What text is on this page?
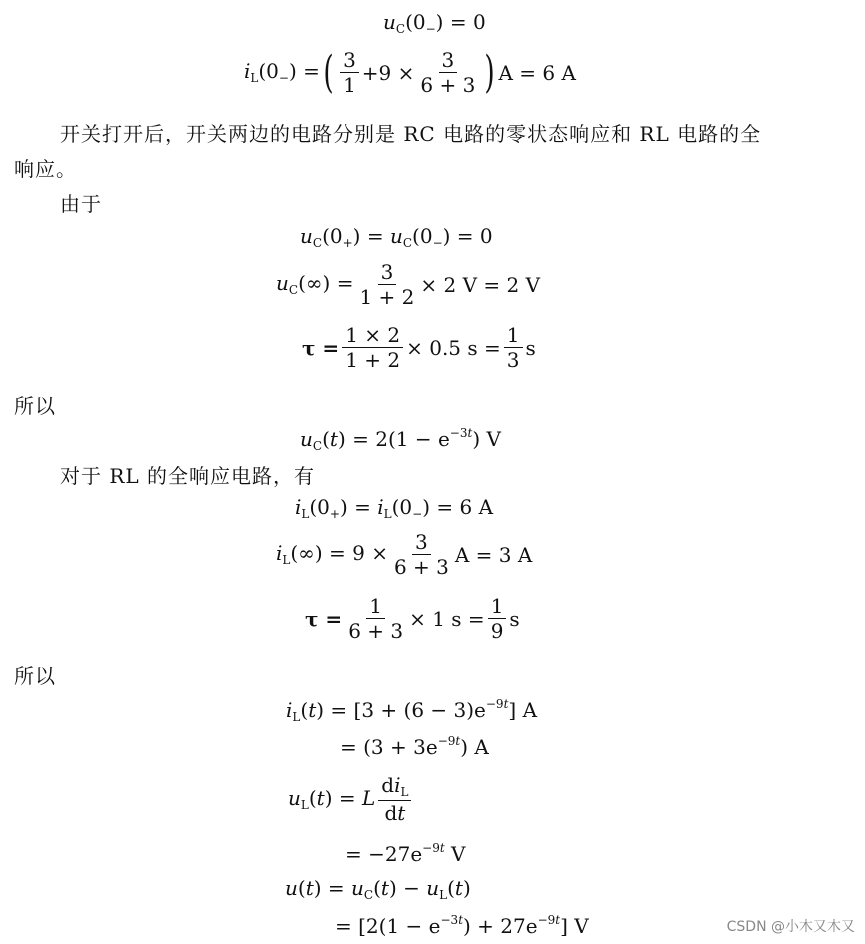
$u_C(0_-) = 0$
$i_L(0_-)$ = ( $\frac{3}{1} +9 \times \frac{3}{6 + 3}$ ) A = 6 A
开关打开后，开关两边的电路分别是 RC 电路的零状态响应和 RL 电路的全
响应。
由于
$u_C(0_+) = u_C(0_-) = 0$
$u_C(\infty) = \frac{3}{1 + 2} \times 2$ V = 2 V
$\tau = \frac{1 \times 2}{1 + 2} \times 0.5$ $s = \frac{1}{3}$ s
所以
$u_C(t) = 2(1 - e^{-3t})$ V
对于 RL 的全响应电路，有
$i_L(0_+) = i_L(0_-) = 6$ A
$i_L(\infty) = 9 \times \frac{3}{6 + 3}$ A = 3 A
$\tau = \frac{1}{6 + 3} \times 1$ $s = \frac{1}{9}$ s
所以
$i_L(t) = [3 + (6 - 3)e^{-9t}]$ A
= $(3 + 3e^{-9t})$ A
$u_L(t) = L \frac{di_L}{dt}$
= $-27e^{-9t}$ V
$u(t) = u_C(t) - u_L(t)$
= $[2(1 - e^{-3t}) + 27e^{-9t}]$ V	CSDN @小木又木又
